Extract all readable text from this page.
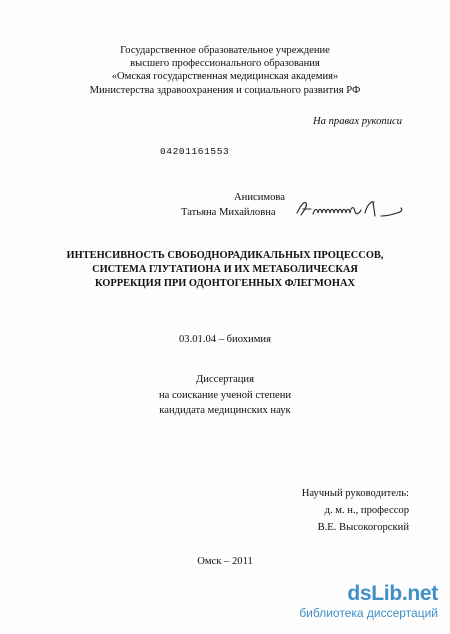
Государственное образовательное учреждение
высшего профессионального образования
«Омская государственная медицинская академия»
Министерства здравоохранения и социального развития РФ
На правах рукописи
04201161553
Анисимова
Татьяна Михайловна
ИНТЕНСИВНОСТЬ СВОБОДНОРАДИКАЛЬНЫХ ПРОЦЕССОВ,
СИСТЕМА ГЛУТАТИОНА И ИХ МЕТАБОЛИЧЕСКАЯ
КОРРЕКЦИЯ ПРИ ОДОНТОГЕННЫХ ФЛЕГМОНАХ
03.01.04 – биохимия
Диссертация
на соискание ученой степени
кандидата медицинских наук
Научный руководитель:
д. м. н., профессор
В.Е. Высокогорский
Омск – 2011
dsLib.net
библиотека диссертаций
